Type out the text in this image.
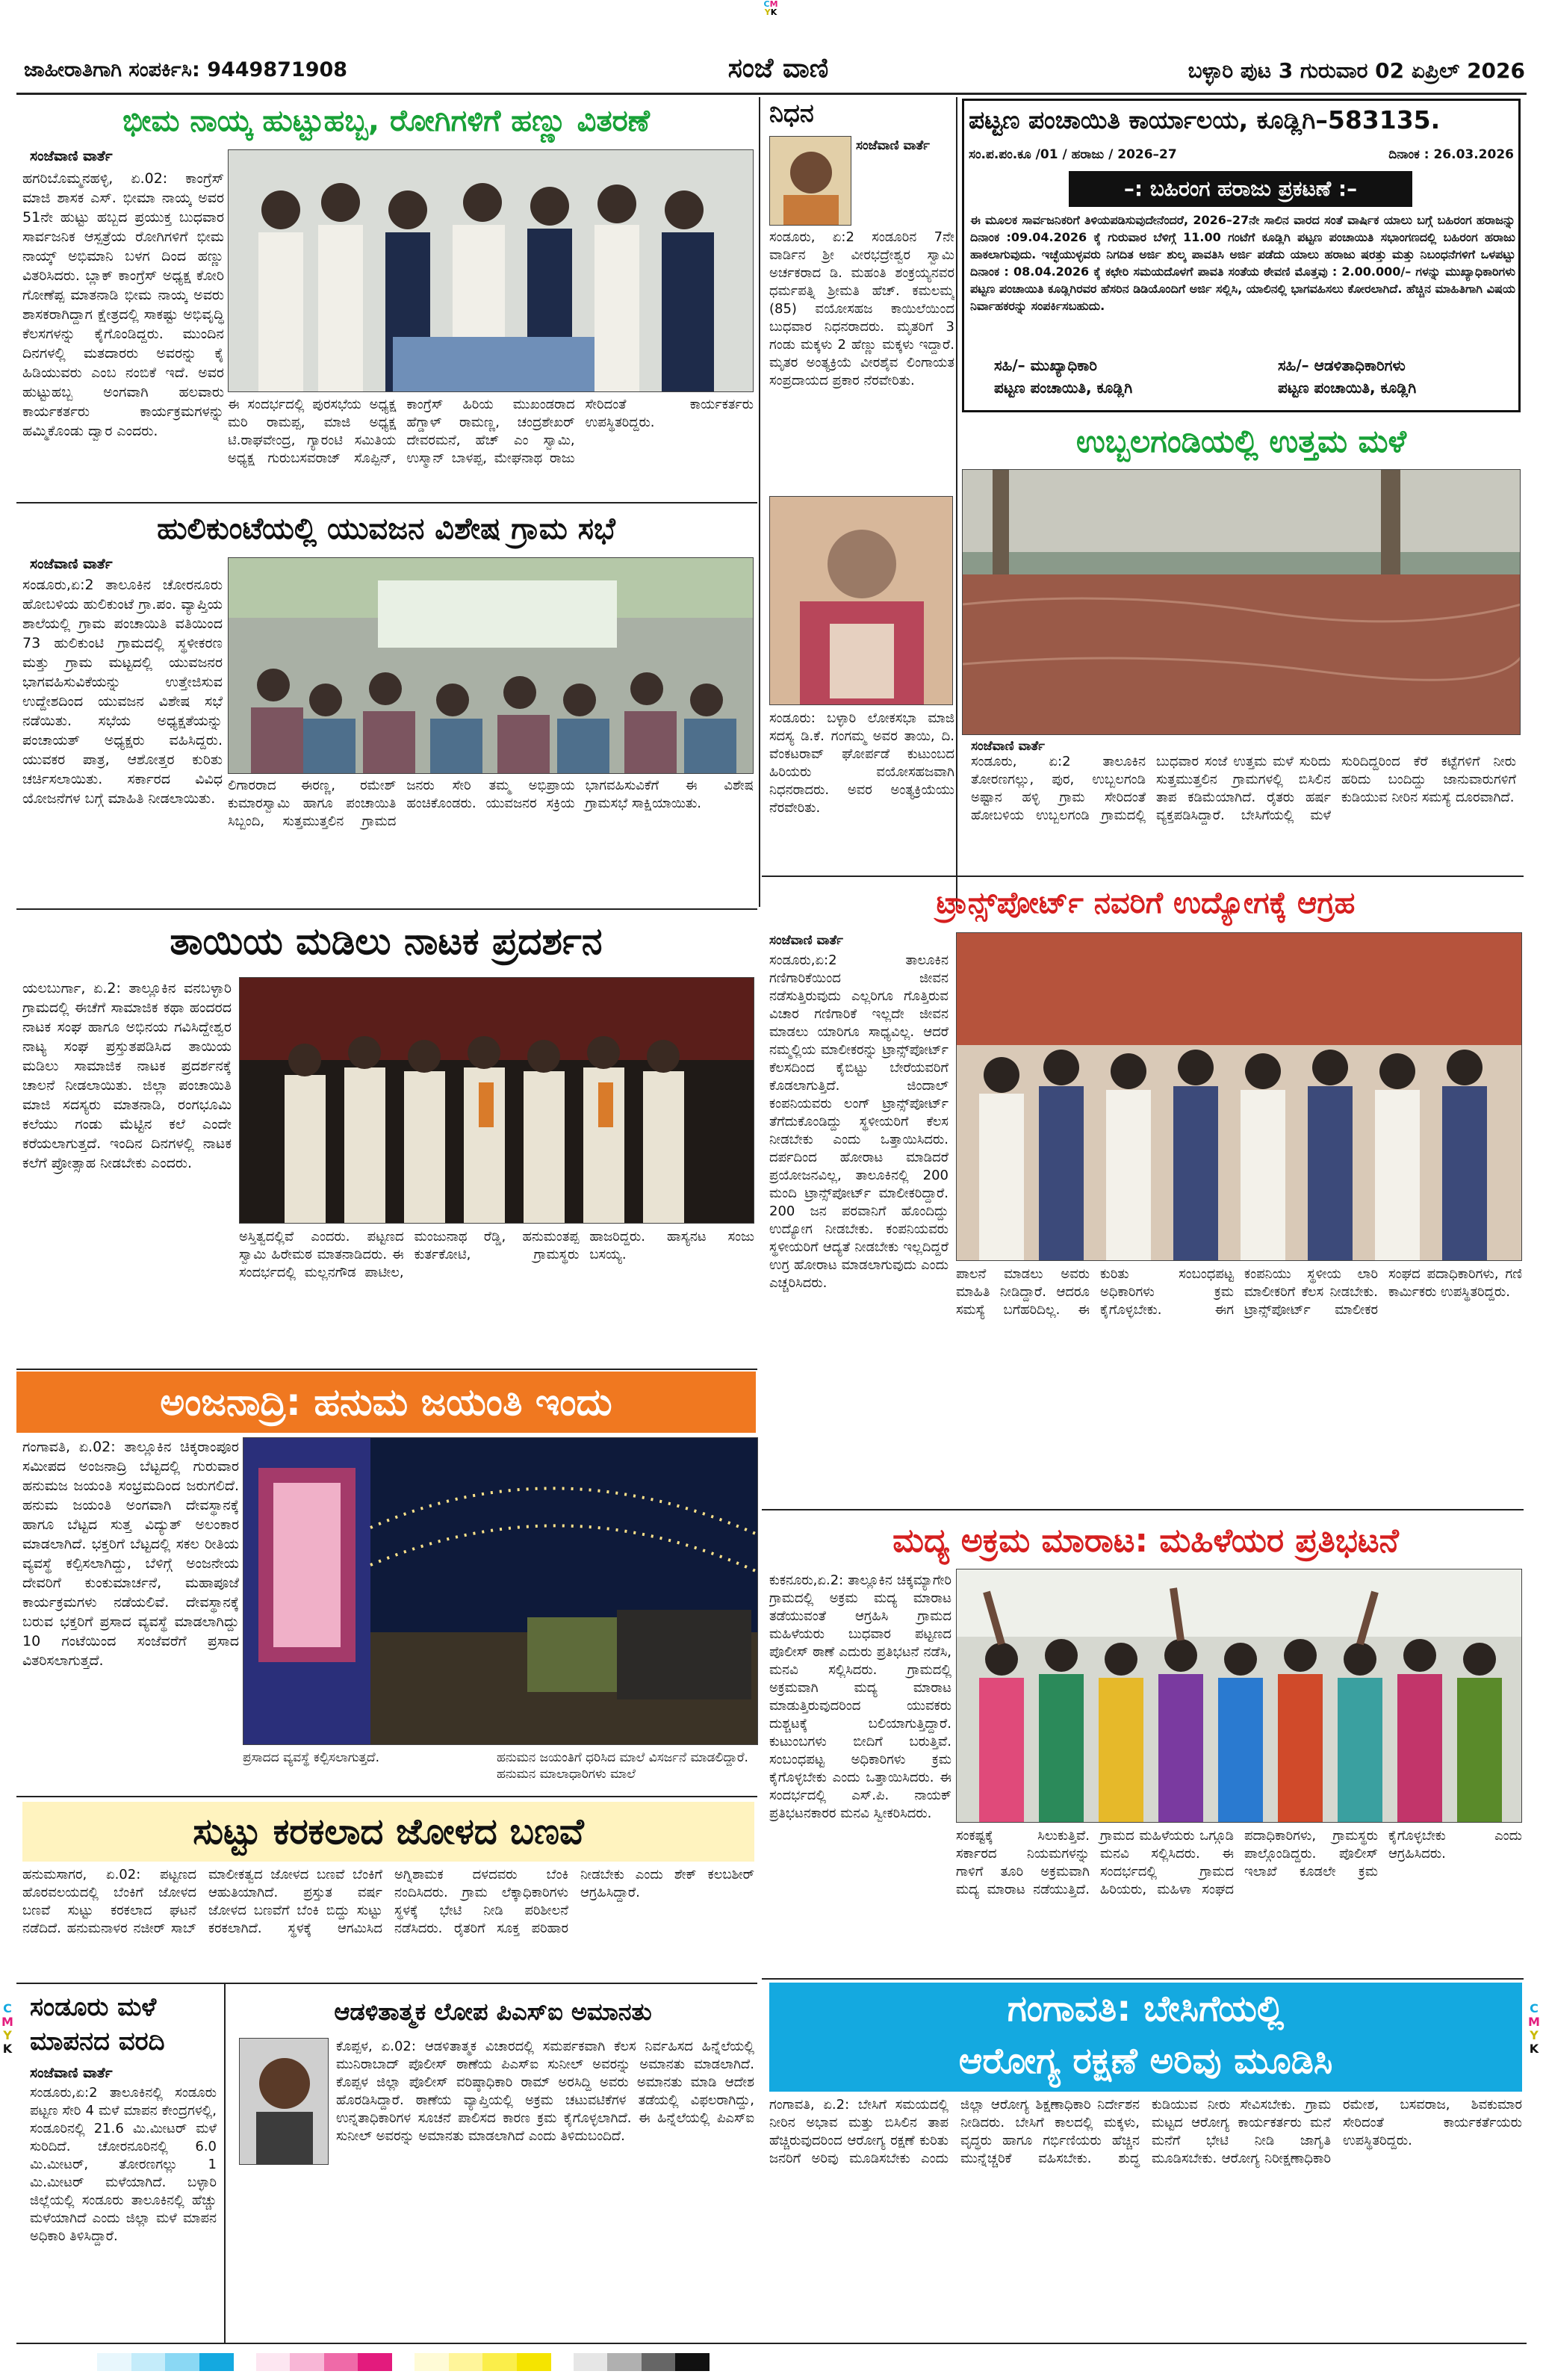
CM
YK
ಜಾಹೀರಾತಿಗಾಗಿ ಸಂಪರ್ಕಿಸಿ: 9449871908	ಸಂಜೆ ವಾಣಿ	ಬಳ್ಳಾರಿ ಪುಟ 3 ಗುರುವಾರ 02 ಏಪ್ರಿಲ್ 2026
ಭೀಮ ನಾಯ್ಕ ಹುಟ್ಟುಹಬ್ಬ, ರೋಗಿಗಳಿಗೆ ಹಣ್ಣು ವಿತರಣೆ
ಸಂಜೆವಾಣಿ ವಾರ್ತೆ
ಹಗರಿಬೊಮ್ಮನಹಳ್ಳಿ, ಏ.02: ಕಾಂಗ್ರೆಸ್ ಮಾಜಿ ಶಾಸಕ ಎಸ್. ಭೀಮಾ ನಾಯ್ಕ ಅವರ 51ನೇ ಹುಟ್ಟು ಹಬ್ಬದ ಪ್ರಯುಕ್ತ ಬುಧವಾರ ಸಾರ್ವಜನಿಕ ಆಸ್ಪತ್ರೆಯ ರೋಗಿಗಳಿಗೆ ಭೀಮ ನಾಯ್ಕ್ ಅಭಿಮಾನಿ ಬಳಗ ದಿಂದ ಹಣ್ಣು ವಿತರಿಸಿದರು. ಬ್ಲಾಕ್ ಕಾಂಗ್ರೆಸ್ ಅಧ್ಯಕ್ಷ ಕೋರಿ ಗೋಣೆಪ್ಪ ಮಾತನಾಡಿ ಭೀಮ ನಾಯ್ಕ ಅವರು ಶಾಸಕರಾಗಿದ್ದಾಗ ಕ್ಷೇತ್ರದಲ್ಲಿ ಸಾಕಷ್ಟು ಅಭಿವೃದ್ಧಿ ಕೆಲಸಗಳನ್ನು ಕೈಗೊಂಡಿದ್ದರು. ಮುಂದಿನ ದಿನಗಳಲ್ಲಿ ಮತದಾರರು ಅವರನ್ನು ಕೈ ಹಿಡಿಯುವರು ಎಂಬ ನಂಬಿಕೆ ಇದೆ. ಅವರ ಹುಟ್ಟುಹಬ್ಬ ಅಂಗವಾಗಿ ಹಲವಾರು ಕಾರ್ಯಕರ್ತರು ಕಾರ್ಯಕ್ರಮಗಳನ್ನು ಹಮ್ಮಿಕೊಂಡು ದ್ವಾರ ಎಂದರು.
ಈ ಸಂದರ್ಭದಲ್ಲಿ ಪುರಸಭೆಯ ಅಧ್ಯಕ್ಷ ಮರಿ ರಾಮಪ್ಪ, ಮಾಜಿ ಅಧ್ಯಕ್ಷ ಟಿ.ರಾಘವೇಂದ್ರ, ಗ್ಯಾರಂಟಿ ಸಮಿತಿಯ ಅಧ್ಯಕ್ಷ ಗುರುಬಸವರಾಜ್ ಸೊಪ್ಪಿನ್, ಕಾಂಗ್ರೆಸ್ ಹಿರಿಯ ಮುಖಂಡರಾದ ಹೆಗ್ಡಾಳ್ ರಾಮಣ್ಣ, ಚಂದ್ರಶೇಖರ್ ದೇವರಮನೆ, ಹೆಚ್ ಎಂ ಸ್ವಾಮಿ, ಉಸ್ಮಾನ್ ಬಾಳಪ್ಪ, ಮೇಘನಾಥ ರಾಜು ಸೇರಿದಂತೆ ಕಾರ್ಯಕರ್ತರು ಉಪಸ್ಥಿತರಿದ್ದರು.
ಹುಲಿಕುಂಟೆಯಲ್ಲಿ ಯುವಜನ ವಿಶೇಷ ಗ್ರಾಮ ಸಭೆ
ಸಂಜೆವಾಣಿ ವಾರ್ತೆ
ಸಂಡೂರು,ಏ:2 ತಾಲೂಕಿನ ಚೋರನೂರು ಹೋಬಳಿಯ ಹುಲಿಕುಂಟೆ ಗ್ರಾ.ಪಂ. ವ್ಯಾಪ್ತಿಯ ಶಾಲೆಯಲ್ಲಿ ಗ್ರಾಮ ಪಂಚಾಯಿತಿ ವತಿಯಿಂದ 73 ಹುಲಿಕುಂಟಿ ಗ್ರಾಮದಲ್ಲಿ ಸ್ಥಳೀಕರಣ ಮತ್ತು ಗ್ರಾಮ ಮಟ್ಟದಲ್ಲಿ ಯುವಜನರ ಭಾಗವಹಿಸುವಿಕೆಯನ್ನು ಉತ್ತೇಜಿಸುವ ಉದ್ದೇಶದಿಂದ ಯುವಜನ ವಿಶೇಷ ಸಭೆ ನಡೆಯಿತು. ಸಭೆಯ ಅಧ್ಯಕ್ಷತೆಯನ್ನು ಪಂಚಾಯತ್ ಅಧ್ಯಕ್ಷರು ವಹಿಸಿದ್ದರು. ಯುವಕರ ಪಾತ್ರ, ಆಶೋತ್ತರ ಕುರಿತು ಚರ್ಚಿಸಲಾಯಿತು. ಸರ್ಕಾರದ ವಿವಿಧ ಯೋಜನೆಗಳ ಬಗ್ಗೆ ಮಾಹಿತಿ ನೀಡಲಾಯಿತು.
ಲಿಗಾರರಾದ ಈರಣ್ಣ, ರಮೇಶ್ ಕುಮಾರಸ್ವಾಮಿ ಹಾಗೂ ಪಂಚಾಯಿತಿ ಸಿಬ್ಬಂದಿ, ಸುತ್ತಮುತ್ತಲಿನ ಗ್ರಾಮದ ಜನರು ಸೇರಿ ತಮ್ಮ ಅಭಿಪ್ರಾಯ ಹಂಚಿಕೊಂಡರು. ಯುವಜನರ ಸಕ್ರಿಯ ಭಾಗವಹಿಸುವಿಕೆಗೆ ಈ ವಿಶೇಷ ಗ್ರಾಮಸಭೆ ಸಾಕ್ಷಿಯಾಯಿತು.
ತಾಯಿಯ ಮಡಿಲು ನಾಟಕ ಪ್ರದರ್ಶನ
ಯಲಬುರ್ಗಾ, ಏ.2: ತಾಲ್ಲೂಕಿನ ವನಬಳ್ಳಾರಿ ಗ್ರಾಮದಲ್ಲಿ ಈಚೆಗೆ ಸಾಮಾಜಿಕ ಕಥಾ ಹಂದರದ ನಾಟಕ ಸಂಘ ಹಾಗೂ ಅಭಿನಯ ಗವಿಸಿದ್ದೇಶ್ವರ ನಾಟ್ಯ ಸಂಘ ಪ್ರಸ್ತುತಪಡಿಸಿದ ತಾಯಿಯ ಮಡಿಲು ಸಾಮಾಜಿಕ ನಾಟಕ ಪ್ರದರ್ಶನಕ್ಕೆ ಚಾಲನೆ ನೀಡಲಾಯಿತು. ಜಿಲ್ಲಾ ಪಂಚಾಯಿತಿ ಮಾಜಿ ಸದಸ್ಯರು ಮಾತನಾಡಿ, ರಂಗಭೂಮಿ ಕಲೆಯು ಗಂಡು ಮೆಟ್ಟಿನ ಕಲೆ ಎಂದೇ ಕರೆಯಲಾಗುತ್ತದೆ. ಇಂದಿನ ದಿನಗಳಲ್ಲಿ ನಾಟಕ ಕಲೆಗೆ ಪ್ರೋತ್ಸಾಹ ನೀಡಬೇಕು ಎಂದರು.
ಅಸ್ತಿತ್ವದಲ್ಲಿವೆ ಎಂದರು. ಪಟ್ಟಣದ ಸ್ವಾಮಿ ಹಿರೇಮಠ ಮಾತನಾಡಿದರು. ಈ ಸಂದರ್ಭದಲ್ಲಿ ಮಲ್ಲನಗೌಡ ಪಾಟೀಲ, ಮಂಜುನಾಥ ರೆಡ್ಡಿ, ಹನುಮಂತಪ್ಪ ಕುರ್ತಕೋಟಿ, ಗ್ರಾಮಸ್ಥರು ಹಾಜರಿದ್ದರು. ಹಾಸ್ಯನಟ ಸಂಜು ಬಸಯ್ಯ.
ಅಂಜನಾದ್ರಿ: ಹನುಮ ಜಯಂತಿ ಇಂದು
ಗಂಗಾವತಿ, ಏ.02: ತಾಲ್ಲೂಕಿನ ಚಿಕ್ಕರಾಂಪೂರ ಸಮೀಪದ ಅಂಜನಾದ್ರಿ ಬೆಟ್ಟದಲ್ಲಿ ಗುರುವಾರ ಹನುಮಜ ಜಯಂತಿ ಸಂಭ್ರಮದಿಂದ ಜರುಗಲಿದೆ. ಹನುಮ ಜಯಂತಿ ಅಂಗವಾಗಿ ದೇವಸ್ಥಾನಕ್ಕೆ ಹಾಗೂ ಬೆಟ್ಟದ ಸುತ್ತ ವಿದ್ಯುತ್ ಅಲಂಕಾರ ಮಾಡಲಾಗಿದೆ. ಭಕ್ತರಿಗೆ ಬೆಟ್ಟದಲ್ಲಿ ಸಕಲ ರೀತಿಯ ವ್ಯವಸ್ಥೆ ಕಲ್ಪಿಸಲಾಗಿದ್ದು, ಬೆಳಿಗ್ಗೆ ಅಂಜನೇಯ ದೇವರಿಗೆ ಕುಂಕುಮಾರ್ಚನೆ, ಮಹಾಪೂಜೆ ಕಾರ್ಯಕ್ರಮಗಳು ನಡೆಯಲಿವೆ. ದೇವಸ್ಥಾನಕ್ಕೆ ಬರುವ ಭಕ್ತರಿಗೆ ಪ್ರಸಾದ ವ್ಯವಸ್ಥೆ ಮಾಡಲಾಗಿದ್ದು 10 ಗಂಟೆಯಿಂದ ಸಂಜೆವರೆಗೆ ಪ್ರಸಾದ ವಿತರಿಸಲಾಗುತ್ತದೆ.
ಪ್ರಸಾದದ ವ್ಯವಸ್ಥೆ ಕಲ್ಪಿಸಲಾಗುತ್ತದೆ.	ಹನುಮನ ಜಯಂತಿಗೆ ಧರಿಸಿದ ಮಾಲೆ ವಿಸರ್ಜನೆ ಮಾಡಲಿದ್ದಾರೆ. ಹನುಮನ ಮಾಲಾಧಾರಿಗಳು ಮಾಲೆ
ಸುಟ್ಟು ಕರಕಲಾದ ಜೋಳದ ಬಣವೆ
ಹನುಮಸಾಗರ, ಏ.02: ಪಟ್ಟಣದ ಹೊರವಲಯದಲ್ಲಿ ಬೆಂಕಿಗೆ ಜೋಳದ ಬಣವೆ ಸುಟ್ಟು ಕರಕಲಾದ ಘಟನೆ ನಡೆದಿದೆ. ಹನುಮನಾಳರ ನಜೀರ್ ಸಾಬ್ ಮಾಲೀಕತ್ವದ ಜೋಳದ ಬಣವೆ ಬೆಂಕಿಗೆ ಆಹುತಿಯಾಗಿದೆ. ಪ್ರಸ್ತುತ ವರ್ಷ ಜೋಳದ ಬಣವೆಗೆ ಬೆಂಕಿ ಬಿದ್ದು ಸುಟ್ಟು ಕರಕಲಾಗಿದೆ. ಸ್ಥಳಕ್ಕೆ ಆಗಮಿಸಿದ ಅಗ್ನಿಶಾಮಕ ದಳದವರು ಬೆಂಕಿ ನಂದಿಸಿದರು. ಗ್ರಾಮ ಲೆಕ್ಕಾಧಿಕಾರಿಗಳು ಸ್ಥಳಕ್ಕೆ ಭೇಟಿ ನೀಡಿ ಪರಿಶೀಲನೆ ನಡೆಸಿದರು. ರೈತರಿಗೆ ಸೂಕ್ತ ಪರಿಹಾರ ನೀಡಬೇಕು ಎಂದು ಶೇಕ್ ಕಲಬಶೀರ್ ಆಗ್ರಹಿಸಿದ್ದಾರೆ.
ಸಂಡೂರು ಮಳೆ
ಮಾಪನದ ವರದಿ
ಸಂಜೆವಾಣಿ ವಾರ್ತೆ
ಸಂಡೂರು,ಏ:2 ತಾಲೂಕಿನಲ್ಲಿ ಸಂಡೂರು ಪಟ್ಟಣ ಸೇರಿ 4 ಮಳೆ ಮಾಪನ ಕೇಂದ್ರಗಳಲ್ಲಿ, ಸಂಡೂರಿನಲ್ಲಿ 21.6 ಮಿ.ಮೀಟರ್ ಮಳೆ ಸುರಿದಿದೆ. ಚೋರನೂರಿನಲ್ಲಿ 6.0 ಮಿ.ಮೀಟರ್, ತೋರಣಗಲ್ಲು 1 ಮಿ.ಮೀಟರ್ ಮಳೆಯಾಗಿದೆ. ಬಳ್ಳಾರಿ ಜಿಲ್ಲೆಯಲ್ಲಿ ಸಂಡೂರು ತಾಲೂಕಿನಲ್ಲಿ ಹೆಚ್ಚು ಮಳೆಯಾಗಿದೆ ಎಂದು ಜಿಲ್ಲಾ ಮಳೆ ಮಾಪನ ಅಧಿಕಾರಿ ತಿಳಿಸಿದ್ದಾರೆ.
ಆಡಳಿತಾತ್ಮಕ ಲೋಪ ಪಿಎಸ್‌ಐ ಅಮಾನತು
ಕೊಪ್ಪಳ, ಏ.02: ಆಡಳಿತಾತ್ಮಕ ವಿಚಾರದಲ್ಲಿ ಸಮರ್ಪಕವಾಗಿ ಕೆಲಸ ನಿರ್ವಹಿಸದ ಹಿನ್ನೆಲೆಯಲ್ಲಿ ಮುನಿರಾಬಾದ್ ಪೊಲೀಸ್ ಠಾಣೆಯ ಪಿಎಸ್‌ಐ ಸುನೀಲ್ ಅವರನ್ನು ಅಮಾನತು ಮಾಡಲಾಗಿದೆ. ಕೊಪ್ಪಳ ಜಿಲ್ಲಾ ಪೊಲೀಸ್ ವರಿಷ್ಠಾಧಿಕಾರಿ ರಾಮ್ ಅರಸಿದ್ದಿ ಅವರು ಅಮಾನತು ಮಾಡಿ ಆದೇಶ ಹೊರಡಿಸಿದ್ದಾರೆ. ಠಾಣೆಯ ವ್ಯಾಪ್ತಿಯಲ್ಲಿ ಅಕ್ರಮ ಚಟುವಟಿಕೆಗಳ ತಡೆಯಲ್ಲಿ ವಿಫಲರಾಗಿದ್ದು, ಉನ್ನತಾಧಿಕಾರಿಗಳ ಸೂಚನೆ ಪಾಲಿಸದ ಕಾರಣ ಕ್ರಮ ಕೈಗೊಳ್ಳಲಾಗಿದೆ. ಈ ಹಿನ್ನೆಲೆಯಲ್ಲಿ ಪಿಎಸ್‌ಐ ಸುನೀಲ್ ಅವರನ್ನು ಅಮಾನತು ಮಾಡಲಾಗಿದೆ ಎಂದು ತಿಳಿದುಬಂದಿದೆ.
C
M
Y
K
ನಿಧನ
ಸಂಜೆವಾಣಿ ವಾರ್ತೆ
ಸಂಡೂರು, ಏ:2 ಸಂಡೂರಿನ 7ನೇ ವಾರ್ಡಿನ ಶ್ರೀ ವೀರಭದ್ರೇಶ್ವರ ಸ್ವಾಮಿ ಅರ್ಚಕರಾದ ಡಿ. ಮಹಂತಿ ಶಂಕ್ರಯ್ಯನವರ ಧರ್ಮಪತ್ನಿ ಶ್ರೀಮತಿ ಹೆಚ್. ಕಮಲಮ್ಮ (85) ವಯೋಸಹಜ ಕಾಯಿಲೆಯಿಂದ ಬುಧವಾರ ನಿಧನರಾದರು. ಮೃತರಿಗೆ 3 ಗಂಡು ಮಕ್ಕಳು 2 ಹೆಣ್ಣು ಮಕ್ಕಳು ಇದ್ದಾರೆ. ಮೃತರ ಅಂತ್ಯಕ್ರಿಯೆ ವೀರಶೈವ ಲಿಂಗಾಯತ ಸಂಪ್ರದಾಯದ ಪ್ರಕಾರ ನೆರವೇರಿತು.
ಸಂಡೂರು: ಬಳ್ಳಾರಿ ಲೋಕಸಭಾ ಮಾಜಿ ಸದಸ್ಯ ಡಿ.ಕೆ. ಗಂಗಮ್ಮ ಅವರ ತಾಯಿ, ದಿ. ವೆಂಕಟರಾವ್ ಘೋರ್ಪಡೆ ಕುಟುಂಬದ ಹಿರಿಯರು ವಯೋಸಹಜವಾಗಿ ನಿಧನರಾದರು. ಅವರ ಅಂತ್ಯಕ್ರಿಯೆಯು ನೆರವೇರಿತು.
ಪಟ್ಟಣ ಪಂಚಾಯಿತಿ ಕಾರ್ಯಾಲಯ, ಕೂಡ್ಲಿಗಿ–583135.
ಸಂ.ಪ.ಪಂ.ಕೂ /01 / ಹರಾಜು / 2026–27	ದಿನಾಂಕ : 26.03.2026
–: ಬಹಿರಂಗ ಹರಾಜು ಪ್ರಕಟಣೆ :–
ಈ ಮೂಲಕ ಸಾರ್ವಜನಿಕರಿಗೆ ತಿಳಿಯಪಡಿಸುವುದೇನೆಂದರೆ, 2026–27ನೇ ಸಾಲಿನ ವಾರದ ಸಂತೆ ವಾರ್ಷಿಕ ಯಾಲು ಬಗ್ಗೆ ಬಹಿರಂಗ ಹರಾಜನ್ನು ದಿನಾಂಕ :09.04.2026 ಕ್ಕೆ ಗುರುವಾರ ಬೆಳಿಗ್ಗೆ 11.00 ಗಂಟೆಗೆ ಕೂಡ್ಲಿಗಿ ಪಟ್ಟಣ ಪಂಚಾಯಿತಿ ಸಭಾಂಗಣದಲ್ಲಿ ಬಹಿರಂಗ ಹರಾಜು ಹಾಕಲಾಗುವುದು. ಇಚ್ಛೆಯುಳ್ಳವರು ನಿಗದಿತ ಅರ್ಜಿ ಶುಲ್ಕ ಪಾವತಿಸಿ ಅರ್ಜಿ ಪಡೆದು ಯಾಲು ಹರಾಜು ಷರತ್ತು ಮತ್ತು ನಿಬಂಧನೆಗಳಿಗೆ ಒಳಪಟ್ಟು ದಿನಾಂಕ : 08.04.2026 ಕ್ಕೆ ಕಛೇರಿ ಸಮಯದೊಳಗೆ ಪಾವತಿ ಸಂತೆಯ ಠೇವಣಿ ಮೊತ್ತವು : 2.00.000/– ಗಳನ್ನು ಮುಖ್ಯಾಧಿಕಾರಿಗಳು ಪಟ್ಟಣ ಪಂಚಾಯಿತಿ ಕೂಡ್ಲಿಗಿರವರ ಹೆಸರಿನ ಡಿಡಿಯೊಂದಿಗೆ ಅರ್ಜಿ ಸಲ್ಲಿಸಿ, ಯಾಲಿನಲ್ಲಿ ಭಾಗವಹಿಸಲು ಕೋರಲಾಗಿದೆ. ಹೆಚ್ಚಿನ ಮಾಹಿತಿಗಾಗಿ ವಿಷಯ ನಿರ್ವಾಹಕರನ್ನು ಸಂಪರ್ಕಿಸಬಹುದು.
ಸಹಿ/– ಮುಖ್ಯಾಧಿಕಾರಿ
ಪಟ್ಟಣ ಪಂಚಾಯಿತಿ, ಕೂಡ್ಲಿಗಿ
ಸಹಿ/– ಆಡಳಿತಾಧಿಕಾರಿಗಳು
ಪಟ್ಟಣ ಪಂಚಾಯಿತಿ, ಕೂಡ್ಲಿಗಿ
ಉಬ್ಬಲಗಂಡಿಯಲ್ಲಿ ಉತ್ತಮ ಮಳೆ
ಸಂಜೆವಾಣಿ ವಾರ್ತೆ
ಸಂಡೂರು, ಏ:2 ತಾಲೂಕಿನ ತೋರಣಗಲ್ಲು, ಪುರ, ಉಬ್ಬಲಗಂಡಿ ಅಷ್ಟಾನ ಹಳ್ಳಿ ಗ್ರಾಮ ಸೇರಿದಂತೆ ಹೋಬಳಿಯ ಉಬ್ಬಲಗಂಡಿ ಗ್ರಾಮದಲ್ಲಿ ಬುಧವಾರ ಸಂಜೆ ಉತ್ತಮ ಮಳೆ ಸುರಿದು ಸುತ್ತಮುತ್ತಲಿನ ಗ್ರಾಮಗಳಲ್ಲಿ ಬಿಸಿಲಿನ ತಾಪ ಕಡಿಮೆಯಾಗಿದೆ. ರೈತರು ಹರ್ಷ ವ್ಯಕ್ತಪಡಿಸಿದ್ದಾರೆ. ಬೇಸಿಗೆಯಲ್ಲಿ ಮಳೆ ಸುರಿದಿದ್ದರಿಂದ ಕೆರೆ ಕಟ್ಟೆಗಳಿಗೆ ನೀರು ಹರಿದು ಬಂದಿದ್ದು ಜಾನುವಾರುಗಳಿಗೆ ಕುಡಿಯುವ ನೀರಿನ ಸಮಸ್ಯೆ ದೂರವಾಗಿದೆ.
ಟ್ರಾನ್ಸ್‌ಪೋರ್ಟ್ ನವರಿಗೆ ಉದ್ಯೋಗಕ್ಕೆ ಆಗ್ರಹ
ಸಂಜೆವಾಣಿ ವಾರ್ತೆ
ಸಂಡೂರು,ಏ:2 ತಾಲೂಕಿನ ಗಣಿಗಾರಿಕೆಯಿಂದ ಜೀವನ ನಡೆಸುತ್ತಿರುವುದು ಎಲ್ಲರಿಗೂ ಗೊತ್ತಿರುವ ವಿಚಾರ ಗಣಿಗಾರಿಕೆ ಇಲ್ಲದೇ ಜೀವನ ಮಾಡಲು ಯಾರಿಗೂ ಸಾಧ್ಯವಿಲ್ಲ. ಆದರೆ ನಮ್ಮಲ್ಲಿಯ ಮಾಲೀಕರನ್ನು ಟ್ರಾನ್ಸ್‌ಪೋರ್ಟ್ ಕೆಲಸದಿಂದ ಕೈಬಿಟ್ಟು ಬೇರೆಯವರಿಗೆ ಕೊಡಲಾಗುತ್ತಿದೆ. ಜಿಂದಾಲ್ ಕಂಪನಿಯವರು ಲಂಗ್ ಟ್ರಾನ್ಸ್‌ಪೋರ್ಟ್ ತೆಗೆದುಕೊಂಡಿದ್ದು ಸ್ಥಳೀಯರಿಗೆ ಕೆಲಸ ನೀಡಬೇಕು ಎಂದು ಒತ್ತಾಯಿಸಿದರು. ದರ್ಪದಿಂದ ಹೋರಾಟ ಮಾಡಿದರೆ ಪ್ರಯೋಜನವಿಲ್ಲ, ತಾಲೂಕಿನಲ್ಲಿ 200 ಮಂದಿ ಟ್ರಾನ್ಸ್‌ಪೋರ್ಟ್ ಮಾಲೀಕರಿದ್ದಾರೆ. 200 ಜನ ಪರವಾನಿಗೆ ಹೊಂದಿದ್ದು ಉದ್ಯೋಗ ನೀಡಬೇಕು. ಕಂಪನಿಯವರು ಸ್ಥಳೀಯರಿಗೆ ಆದ್ಯತೆ ನೀಡಬೇಕು ಇಲ್ಲದಿದ್ದರೆ ಉಗ್ರ ಹೋರಾಟ ಮಾಡಲಾಗುವುದು ಎಂದು ಎಚ್ಚರಿಸಿದರು.
ಪಾಲನೆ ಮಾಡಲು ಅವರು ಮಾಹಿತಿ ನೀಡಿದ್ದಾರೆ. ಆದರೂ ಸಮಸ್ಯೆ ಬಗೆಹರಿದಿಲ್ಲ. ಈ ಕುರಿತು ಸಂಬಂಧಪಟ್ಟ ಅಧಿಕಾರಿಗಳು ಕ್ರಮ ಕೈಗೊಳ್ಳಬೇಕು. ಈಗ ಕಂಪನಿಯು ಸ್ಥಳೀಯ ಲಾರಿ ಮಾಲೀಕರಿಗೆ ಕೆಲಸ ನೀಡಬೇಕು. ಟ್ರಾನ್ಸ್‌ಪೋರ್ಟ್ ಮಾಲೀಕರ ಸಂಘದ ಪದಾಧಿಕಾರಿಗಳು, ಗಣಿ ಕಾರ್ಮಿಕರು ಉಪಸ್ಥಿತರಿದ್ದರು.
ಮದ್ಯ ಅಕ್ರಮ ಮಾರಾಟ: ಮಹಿಳೆಯರ ಪ್ರತಿಭಟನೆ
ಕುಕನೂರು,ಏ.2: ತಾಲ್ಲೂಕಿನ ಚಿಕ್ಕಮ್ಯಾಗೇರಿ ಗ್ರಾಮದಲ್ಲಿ ಅಕ್ರಮ ಮದ್ಯ ಮಾರಾಟ ತಡೆಯುವಂತೆ ಆಗ್ರಹಿಸಿ ಗ್ರಾಮದ ಮಹಿಳೆಯರು ಬುಧವಾರ ಪಟ್ಟಣದ ಪೊಲೀಸ್ ಠಾಣೆ ಎದುರು ಪ್ರತಿಭಟನೆ ನಡೆಸಿ, ಮನವಿ ಸಲ್ಲಿಸಿದರು. ಗ್ರಾಮದಲ್ಲಿ ಅಕ್ರಮವಾಗಿ ಮದ್ಯ ಮಾರಾಟ ಮಾಡುತ್ತಿರುವುದರಿಂದ ಯುವಕರು ದುಶ್ಚಟಕ್ಕೆ ಬಲಿಯಾಗುತ್ತಿದ್ದಾರೆ. ಕುಟುಂಬಗಳು ಬೀದಿಗೆ ಬರುತ್ತಿವೆ. ಸಂಬಂಧಪಟ್ಟ ಅಧಿಕಾರಿಗಳು ಕ್ರಮ ಕೈಗೊಳ್ಳಬೇಕು ಎಂದು ಒತ್ತಾಯಿಸಿದರು. ಈ ಸಂದರ್ಭದಲ್ಲಿ ಎಸ್.ಪಿ. ನಾಯಕ್ ಪ್ರತಿಭಟನಕಾರರ ಮನವಿ ಸ್ವೀಕರಿಸಿದರು.
ಸಂಕಷ್ಟಕ್ಕೆ ಸಿಲುಕುತ್ತಿವೆ. ಸರ್ಕಾರದ ನಿಯಮಗಳನ್ನು ಗಾಳಿಗೆ ತೂರಿ ಅಕ್ರಮವಾಗಿ ಮದ್ಯ ಮಾರಾಟ ನಡೆಯುತ್ತಿದೆ. ಗ್ರಾಮದ ಮಹಿಳೆಯರು ಒಗ್ಗೂಡಿ ಮನವಿ ಸಲ್ಲಿಸಿದರು. ಈ ಸಂದರ್ಭದಲ್ಲಿ ಗ್ರಾಮದ ಹಿರಿಯರು, ಮಹಿಳಾ ಸಂಘದ ಪದಾಧಿಕಾರಿಗಳು, ಗ್ರಾಮಸ್ಥರು ಪಾಲ್ಗೊಂಡಿದ್ದರು. ಪೊಲೀಸ್ ಇಲಾಖೆ ಕೂಡಲೇ ಕ್ರಮ ಕೈಗೊಳ್ಳಬೇಕು ಎಂದು ಆಗ್ರಹಿಸಿದರು.
ಗಂಗಾವತಿ: ಬೇಸಿಗೆಯಲ್ಲಿ
ಆರೋಗ್ಯ ರಕ್ಷಣೆ ಅರಿವು ಮೂಡಿಸಿ
ಗಂಗಾವತಿ, ಏ.2: ಬೇಸಿಗೆ ಸಮಯದಲ್ಲಿ ನೀರಿನ ಅಭಾವ ಮತ್ತು ಬಿಸಿಲಿನ ತಾಪ ಹೆಚ್ಚಿರುವುದರಿಂದ ಆರೋಗ್ಯ ರಕ್ಷಣೆ ಕುರಿತು ಜನರಿಗೆ ಅರಿವು ಮೂಡಿಸಬೇಕು ಎಂದು ಜಿಲ್ಲಾ ಆರೋಗ್ಯ ಶಿಕ್ಷಣಾಧಿಕಾರಿ ನಿರ್ದೇಶನ ನೀಡಿದರು. ಬೇಸಿಗೆ ಕಾಲದಲ್ಲಿ ಮಕ್ಕಳು, ವೃದ್ಧರು ಹಾಗೂ ಗರ್ಭಿಣಿಯರು ಹೆಚ್ಚಿನ ಮುನ್ನೆಚ್ಚರಿಕೆ ವಹಿಸಬೇಕು. ಶುದ್ಧ ಕುಡಿಯುವ ನೀರು ಸೇವಿಸಬೇಕು. ಗ್ರಾಮ ಮಟ್ಟದ ಆರೋಗ್ಯ ಕಾರ್ಯಕರ್ತರು ಮನೆ ಮನೆಗೆ ಭೇಟಿ ನೀಡಿ ಜಾಗೃತಿ ಮೂಡಿಸಬೇಕು. ಆರೋಗ್ಯ ನಿರೀಕ್ಷಣಾಧಿಕಾರಿ ರಮೇಶ, ಬಸವರಾಜ, ಶಿವಕುಮಾರ ಸೇರಿದಂತೆ ಕಾರ್ಯಕರ್ತೆಯರು ಉಪಸ್ಥಿತರಿದ್ದರು.
C
M
Y
K
